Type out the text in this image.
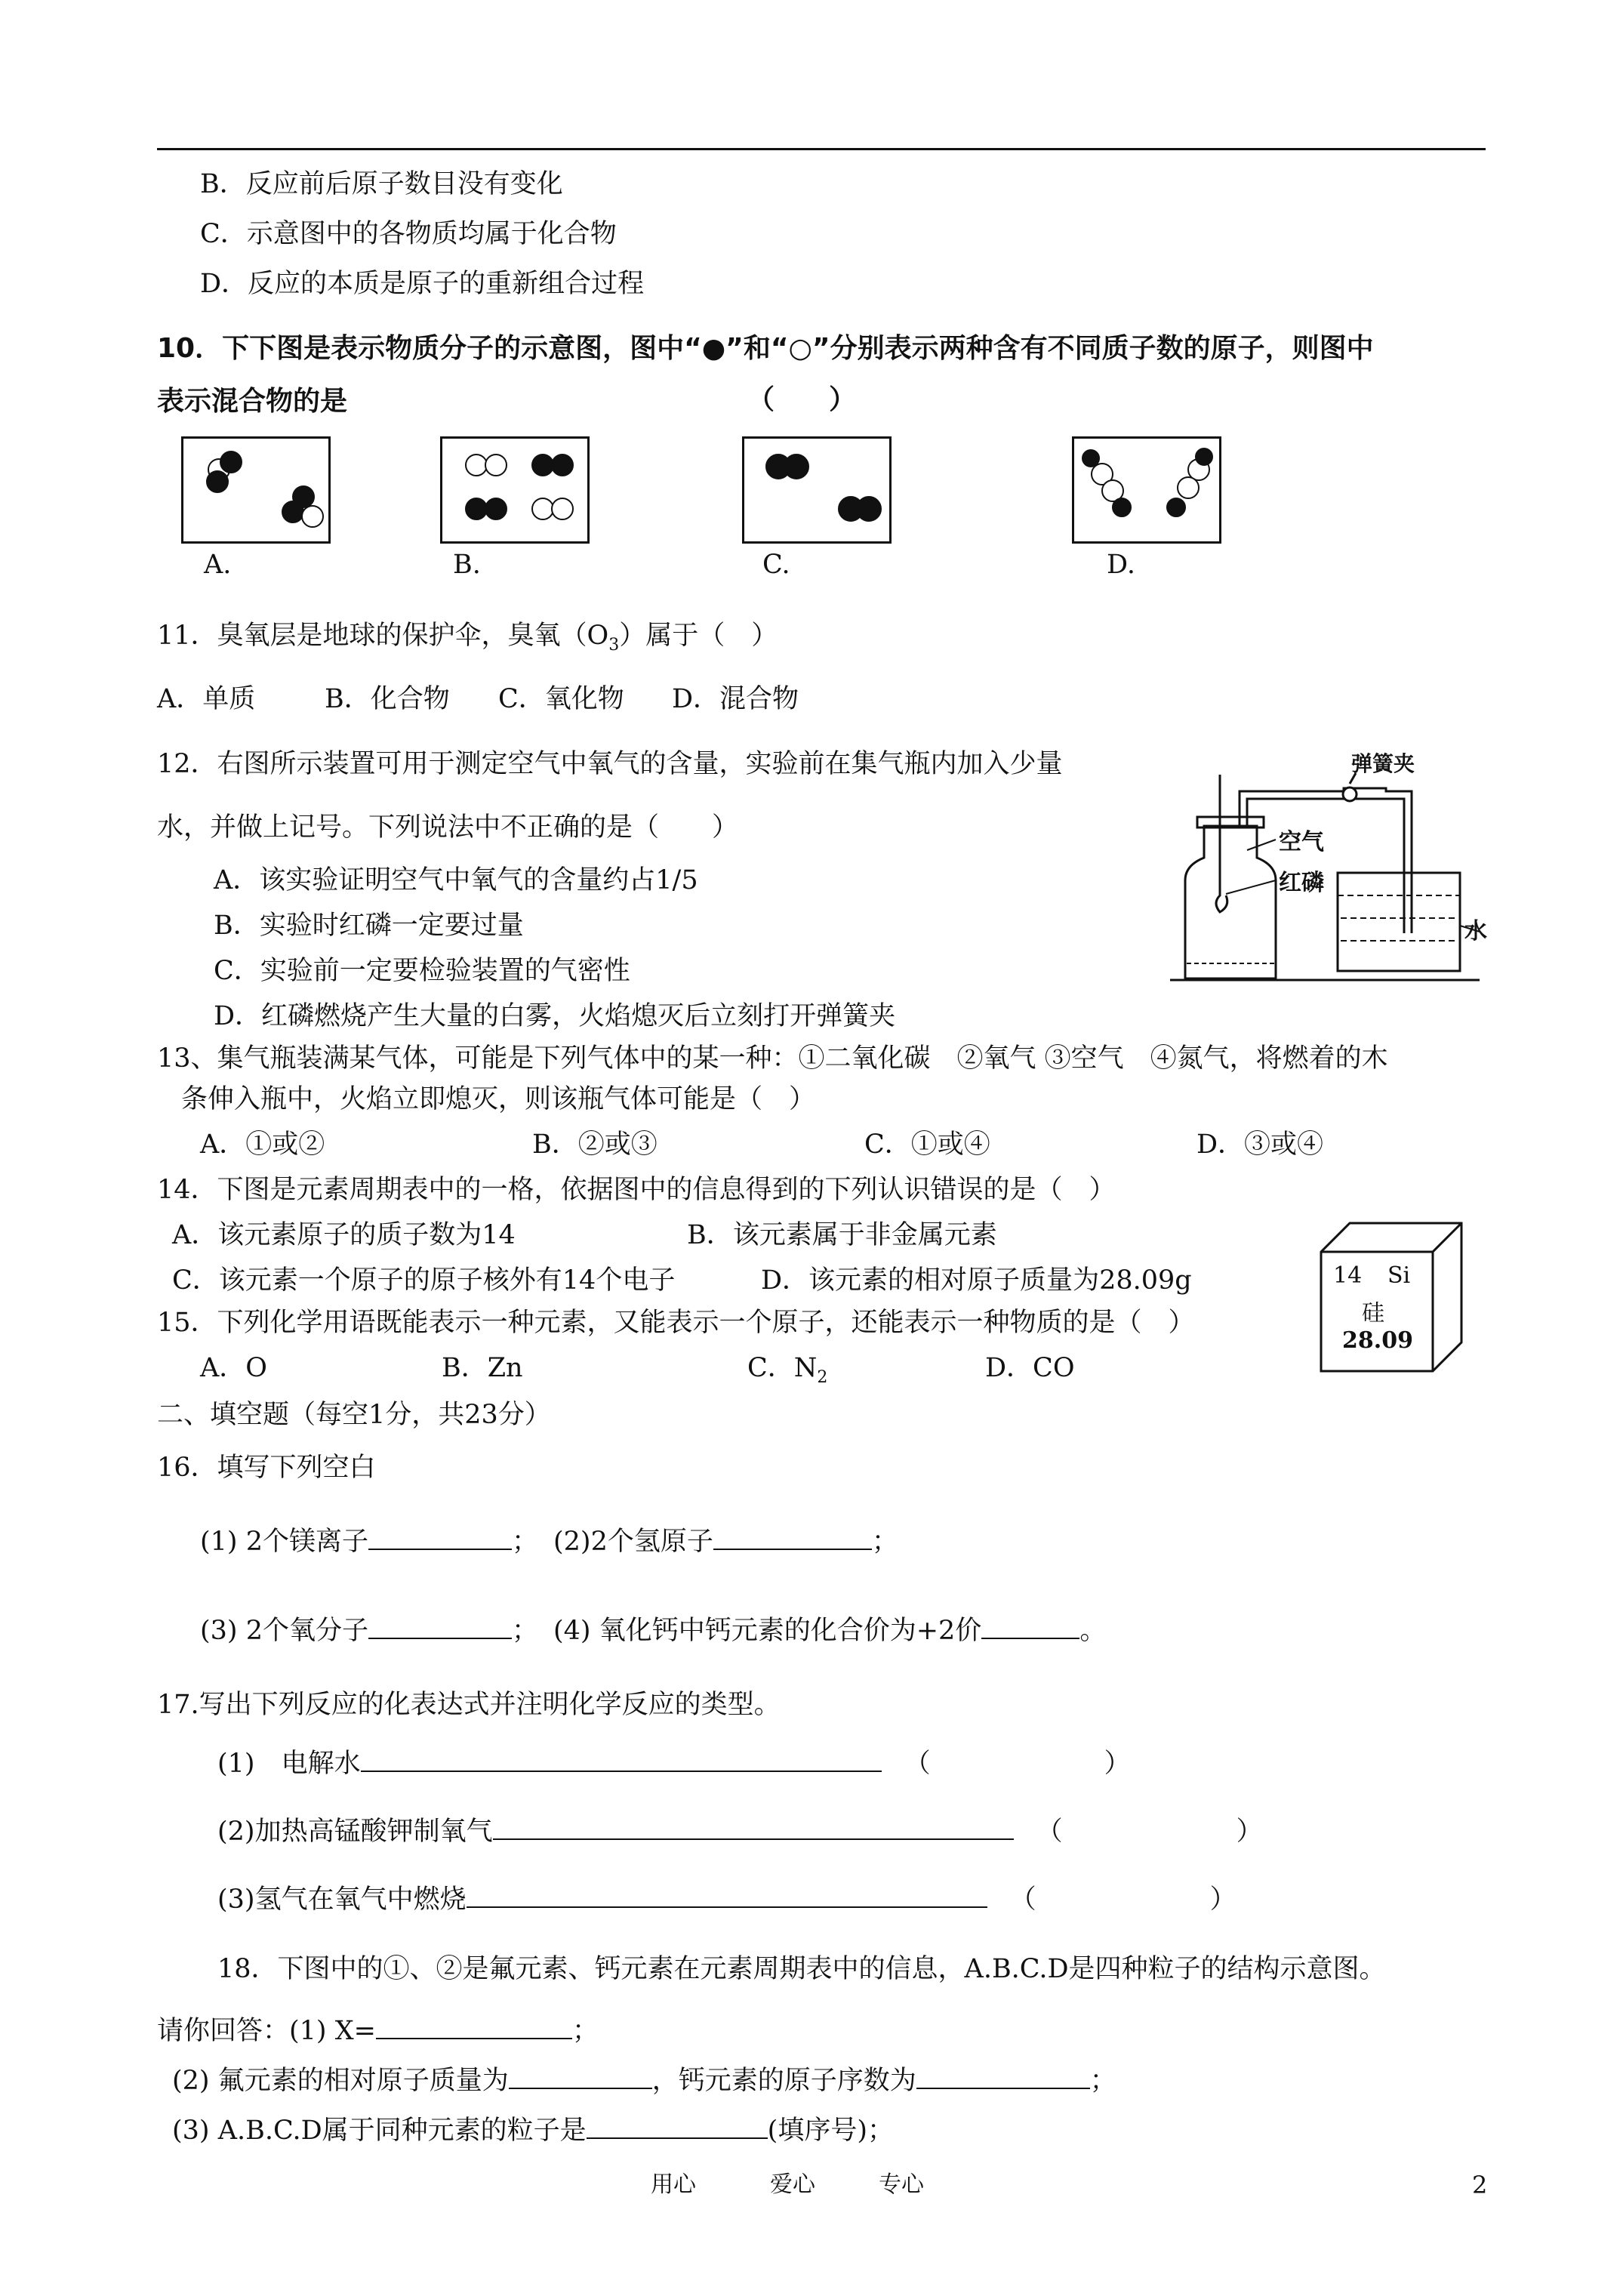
B．反应前后原子数目没有变化
C．示意图中的各物质均属于化合物
D．反应的本质是原子的重新组合过程
10．下下图是表示物质分子的示意图，图中“●”和“○”分别表示两种含有不同质子数的原子，则图中
表示混合物的是	（　　）
A.	B.	C.	D.
11．臭氧层是地球的保护伞，臭氧$(O_3)$属于（　）
A．单质	B．化合物 C．氧化物 D．混合物
12．右图所示装置可用于测定空气中氧气的含量，实验前在集气瓶内加入少量
水，并做上记号。下列说法中不正确的是（　　）
A．该实验证明空气中氧气的含量约占1/5
B．实验时红磷一定要过量
C．实验前一定要检验装置的气密性
D．红磷燃烧产生大量的白雾，火焰熄灭后立刻打开弹簧夹
弹簧夹
空气
红磷
水
13、集气瓶装满某气体，可能是下列气体中的某一种：①二氧化碳　②氧气 ③空气　④氮气，将燃着的木
条伸入瓶中，火焰立即熄灭，则该瓶气体可能是（　）
A．①或②	B．②或③	C．①或④	D．③或④
14．下图是元素周期表中的一格，依据图中的信息得到的下列认识错误的是（　）
A．该元素原子的质子数为14	B．该元素属于非金属元素
C．该元素一个原子的原子核外有14个电子	D．该元素的相对原子质量为28.09g	14 Si
硅
28.09
15．下列化学用语既能表示一种元素，又能表示一个原子，还能表示一种物质的是（　）
A．O	B．Zn	C．$N_2$	D．CO
二、填空题（每空1分，共23分）
16．填写下列空白
(1) 2个镁离子	； (2)2个氢原子	；
(3) 2个氧分子	； (4) 氧化钙中钙元素的化合价为+2价	。
17.写出下列反应的化表达式并注明化学反应的类型。
(1)　电解水	（	）
(2)加热高锰酸钾制氧气	（	）
(3)氢气在氧气中燃烧	（	）
18．下图中的①、②是氟元素、钙元素在元素周期表中的信息，A.B.C.D是四种粒子的结构示意图。
请你回答：(1) X=	；
(2) 氟元素的相对原子质量为	，钙元素的原子序数为	；
(3) A.B.C.D属于同种元素的粒子是	(填序号)；
用心	爱心	专心	2
